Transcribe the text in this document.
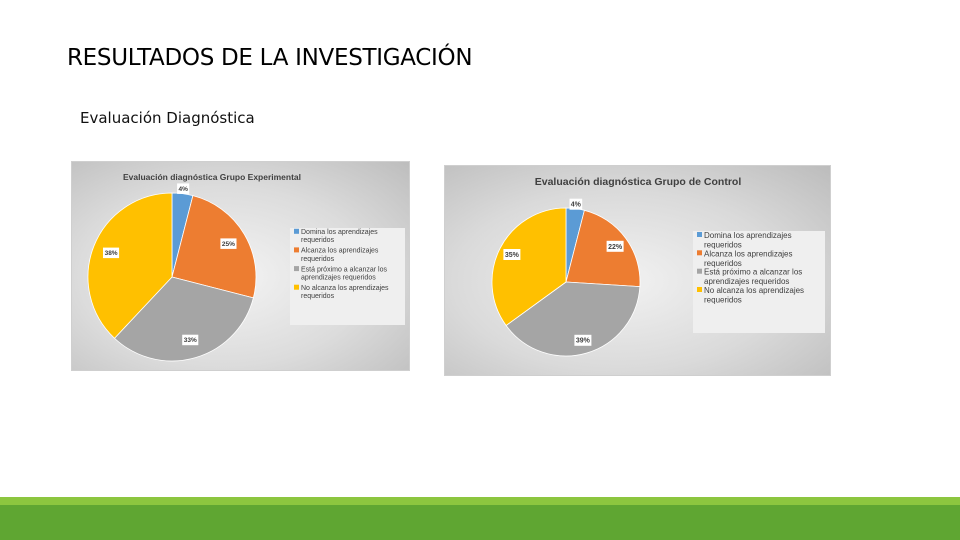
RESULTADOS DE LA INVESTIGACIÓN
Evaluación Diagnóstica
Evaluación diagnóstica Grupo Experimental
4%
25%
33%
38%
Domina los aprendizajes requeridos
Alcanza los aprendizajes requeridos
Está próximo a alcanzar los aprendizajes requeridos
No alcanza los aprendizajes requeridos
Evaluación diagnóstica Grupo de Control
4%
22%
39%
35%
Domina los aprendizajes requeridos
Alcanza los aprendizajes requeridos
Está próximo a alcanzar los aprendizajes requeridos
No alcanza los aprendizajes requeridos
